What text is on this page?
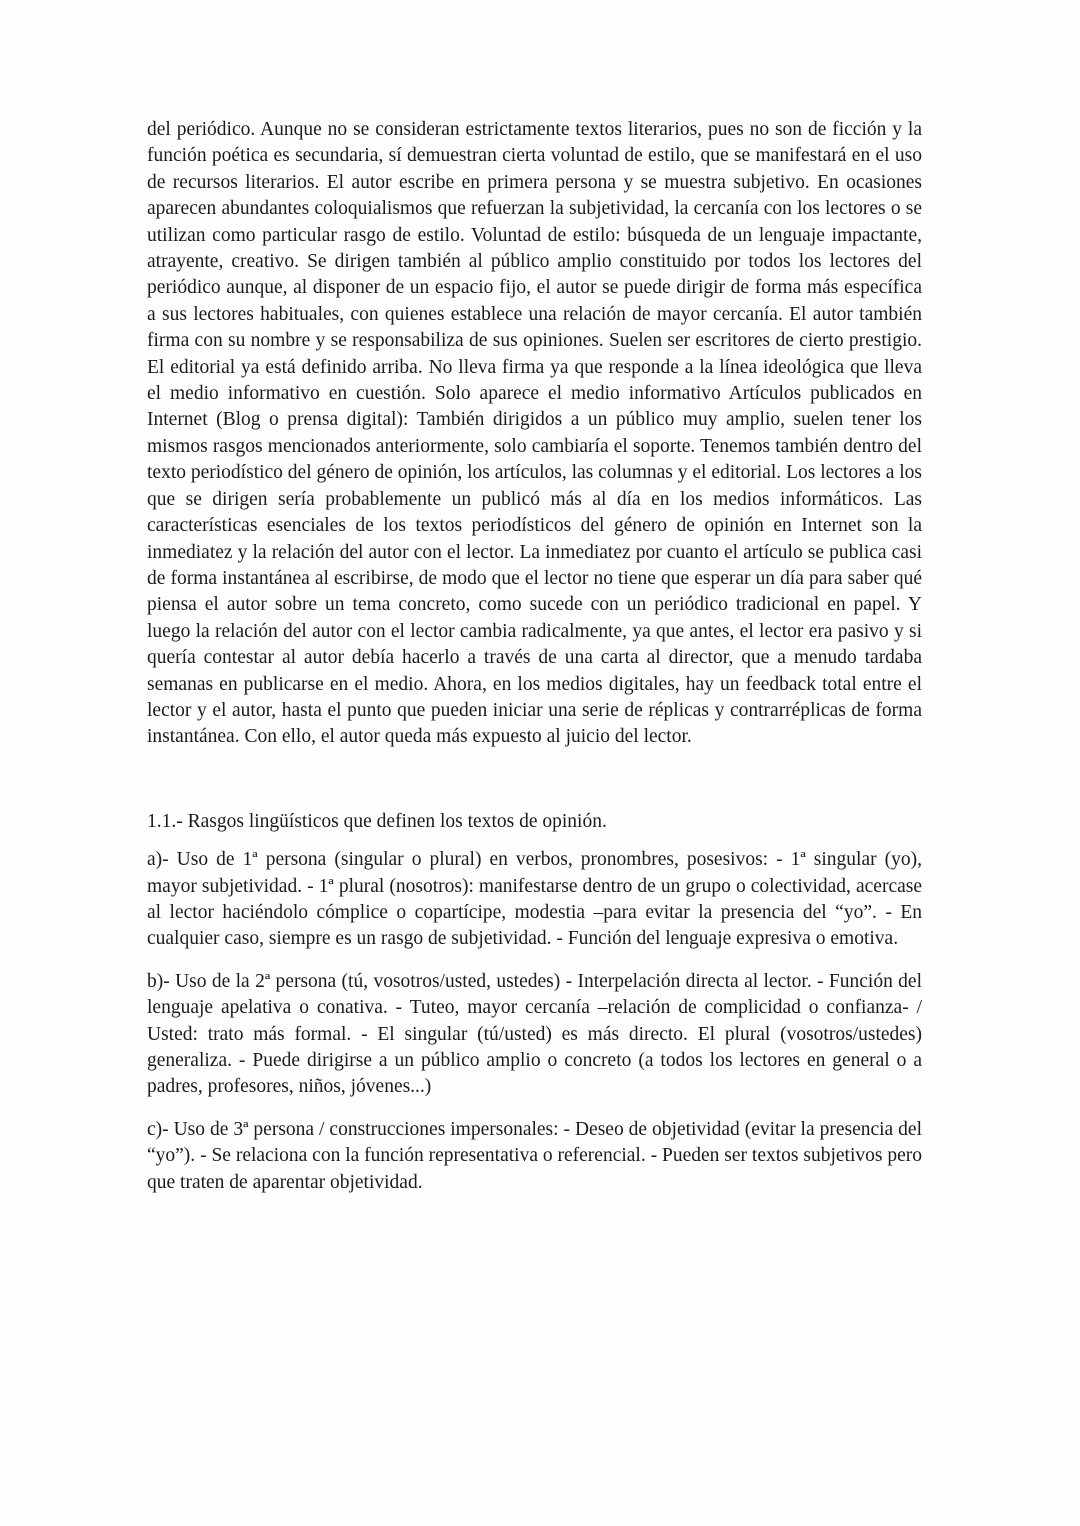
del periódico. Aunque no se consideran estrictamente textos literarios, pues no son de ficción y la función poética es secundaria, sí demuestran cierta voluntad de estilo, que se manifestará en el uso de recursos literarios. El autor escribe en primera persona y se muestra subjetivo. En ocasiones aparecen abundantes coloquialismos que refuerzan la subjetividad, la cercanía con los lectores o se utilizan como particular rasgo de estilo. Voluntad de estilo: búsqueda de un lenguaje impactante, atrayente, creativo. Se dirigen también al público amplio constituido por todos los lectores del periódico aunque, al disponer de un espacio fijo, el autor se puede dirigir de forma más específica a sus lectores habituales, con quienes establece una relación de mayor cercanía. El autor también firma con su nombre y se responsabiliza de sus opiniones. Suelen ser escritores de cierto prestigio. El editorial ya está definido arriba. No lleva firma ya que responde a la línea ideológica que lleva el medio informativo en cuestión. Solo aparece el medio informativo Artículos publicados en Internet (Blog o prensa digital): También dirigidos a un público muy amplio, suelen tener los mismos rasgos mencionados anteriormente, solo cambiaría el soporte. Tenemos también dentro del texto periodístico del género de opinión, los artículos, las columnas y el editorial. Los lectores a los que se dirigen sería probablemente un publicó más al día en los medios informáticos. Las características esenciales de los textos periodísticos del género de opinión en Internet son la inmediatez y la relación del autor con el lector. La inmediatez por cuanto el artículo se publica casi de forma instantánea al escribirse, de modo que el lector no tiene que esperar un día para saber qué piensa el autor sobre un tema concreto, como sucede con un periódico tradicional en papel. Y luego la relación del autor con el lector cambia radicalmente, ya que antes, el lector era pasivo y si quería contestar al autor debía hacerlo a través de una carta al director, que a menudo tardaba semanas en publicarse en el medio. Ahora, en los medios digitales, hay un feedback total entre el lector y el autor, hasta el punto que pueden iniciar una serie de réplicas y contrarréplicas de forma instantánea. Con ello, el autor queda más expuesto al juicio del lector.

1.1.- Rasgos lingüísticos que definen los textos de opinión.

a)- Uso de 1ª persona (singular o plural) en verbos, pronombres, posesivos: - 1ª singular (yo), mayor subjetividad. - 1ª plural (nosotros): manifestarse dentro de un grupo o colectividad, acercase al lector haciéndolo cómplice o copartícipe, modestia –para evitar la presencia del “yo”. - En cualquier caso, siempre es un rasgo de subjetividad. - Función del lenguaje expresiva o emotiva.

b)- Uso de la 2ª persona (tú, vosotros/usted, ustedes) - Interpelación directa al lector. - Función del lenguaje apelativa o conativa. - Tuteo, mayor cercanía –relación de complicidad o confianza- / Usted: trato más formal. - El singular (tú/usted) es más directo. El plural (vosotros/ustedes) generaliza. - Puede dirigirse a un público amplio o concreto (a todos los lectores en general o a padres, profesores, niños, jóvenes...)

c)- Uso de 3ª persona / construcciones impersonales: - Deseo de objetividad (evitar la presencia del “yo”). - Se relaciona con la función representativa o referencial. - Pueden ser textos subjetivos pero que traten de aparentar objetividad.
